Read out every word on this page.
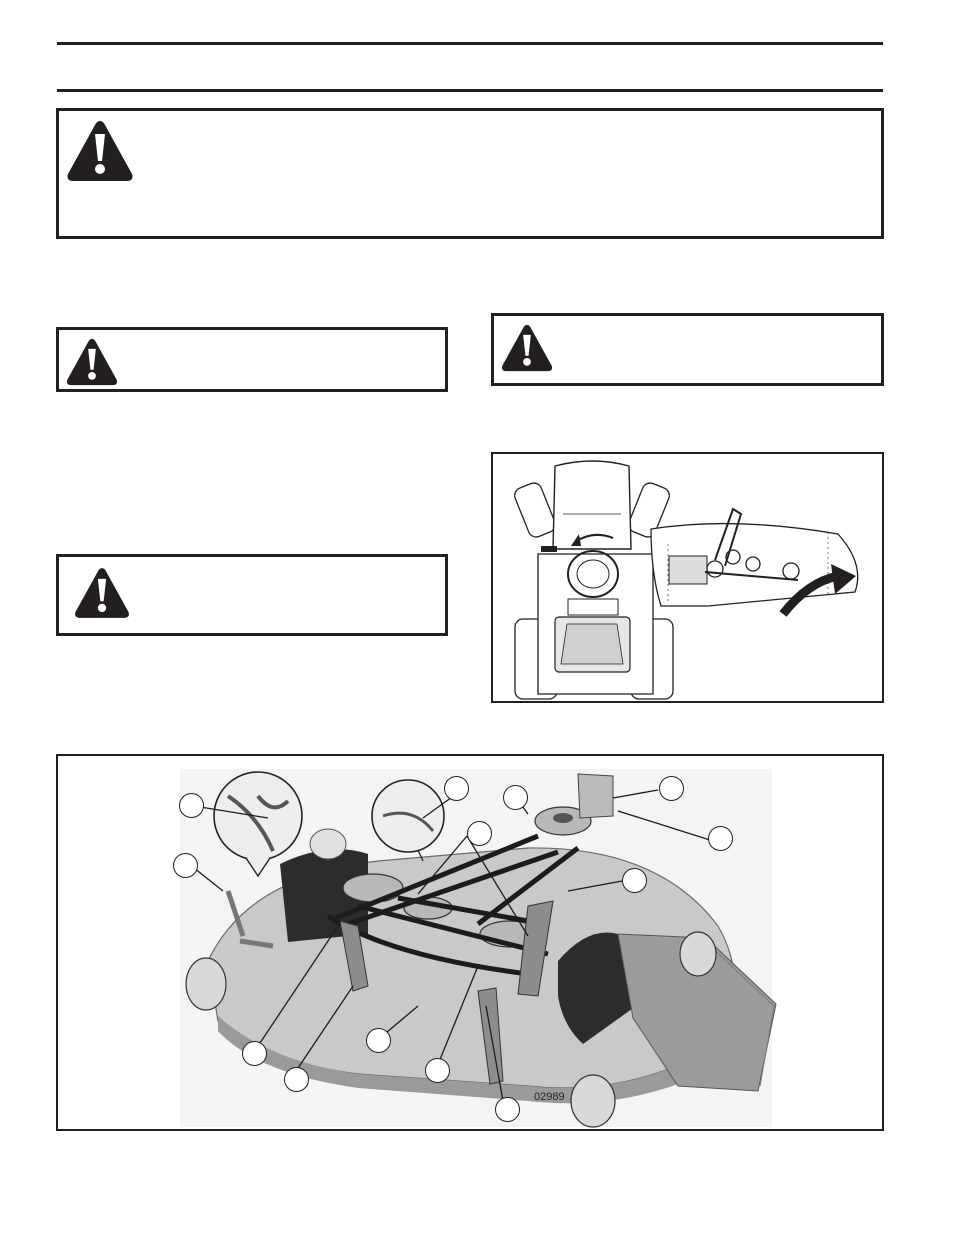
02989
